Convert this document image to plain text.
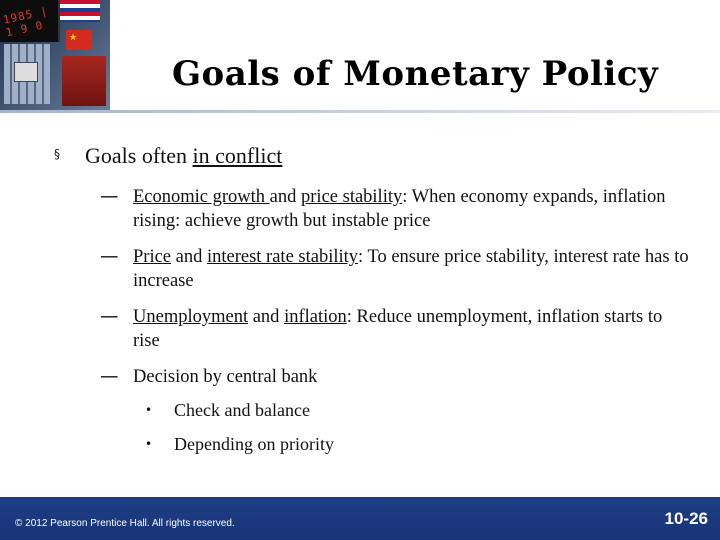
1985 | 1 9 0	★
Goals of Monetary Policy
§ Goals often in conflict
— Economic growth and price stability: When economy expands, inflation rising: achieve growth but instable price
— Price and interest rate stability: To ensure price stability, interest rate has to increase
— Unemployment and inflation: Reduce unemployment, inflation starts to rise
— Decision by central bank
• Check and balance
• Depending on priority
© 2012 Pearson Prentice Hall. All rights reserved.	10-26
